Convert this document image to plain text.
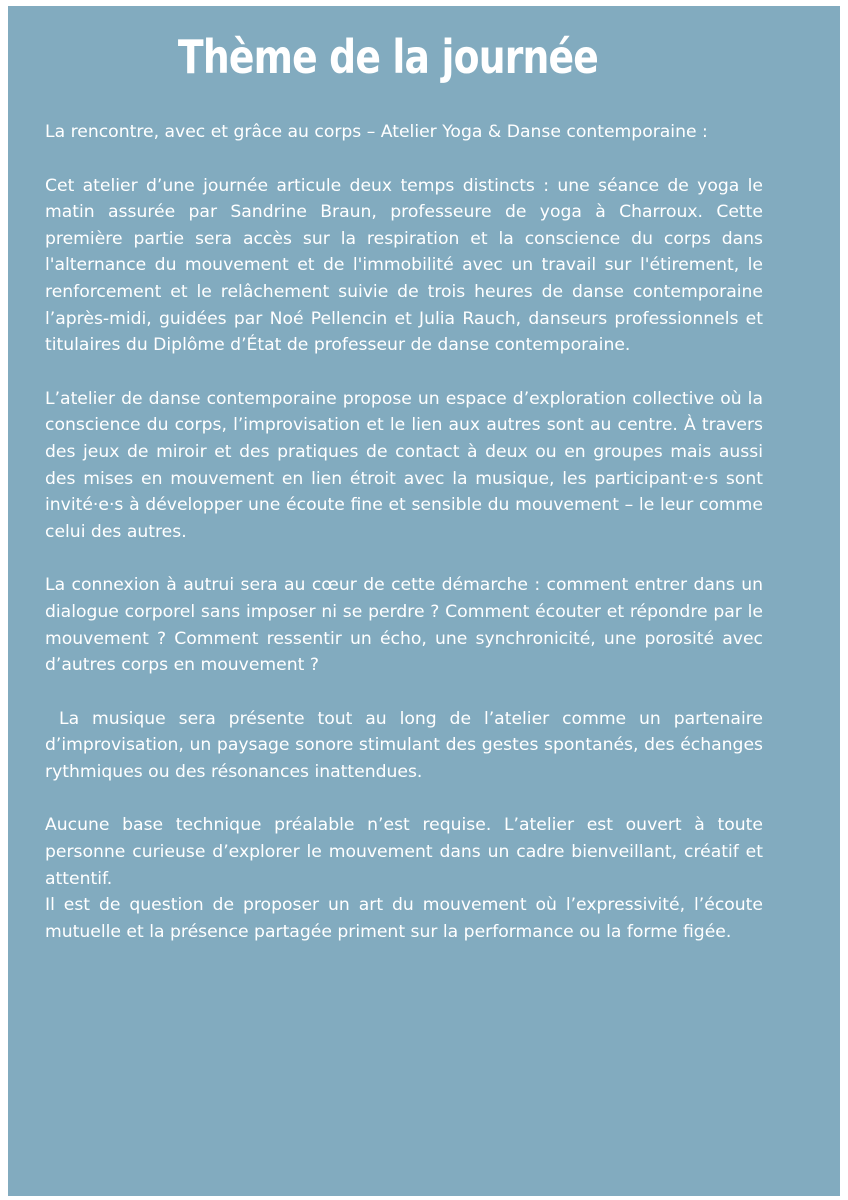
Thème de la journée

La rencontre, avec et grâce au corps – Atelier Yoga & Danse contemporaine :

Cet atelier d’une journée articule deux temps distincts : une séance de yoga le matin assurée par Sandrine Braun, professeure de yoga à Charroux. Cette première partie sera accès sur la respiration et la conscience du corps dans l'alternance du mouvement et de l'immobilité avec un travail sur l'étirement, le renforcement et le relâchement suivie de trois heures de danse contemporaine l’après-midi, guidées par Noé Pellencin et Julia Rauch, danseurs professionnels et titulaires du Diplôme d’État de professeur de danse contemporaine.

L’atelier de danse contemporaine propose un espace d’exploration collective où la conscience du corps, l’improvisation et le lien aux autres sont au centre. À travers des jeux de miroir et des pratiques de contact à deux ou en groupes mais aussi des mises en mouvement en lien étroit avec la musique, les participant·e·s sont invité·e·s à développer une écoute fine et sensible du mouvement – le leur comme celui des autres.

La connexion à autrui sera au cœur de cette démarche : comment entrer dans un dialogue corporel sans imposer ni se perdre ? Comment écouter et répondre par le mouvement ? Comment ressentir un écho, une synchronicité, une porosité avec d’autres corps en mouvement ?

La musique sera présente tout au long de l’atelier comme un partenaire d’improvisation, un paysage sonore stimulant des gestes spontanés, des échanges rythmiques ou des résonances inattendues.

Aucune base technique préalable n’est requise. L’atelier est ouvert à toute personne curieuse d’explorer le mouvement dans un cadre bienveillant, créatif et attentif.

Il est de question de proposer un art du mouvement où l’expressivité, l’écoute mutuelle et la présence partagée priment sur la performance ou la forme figée.
